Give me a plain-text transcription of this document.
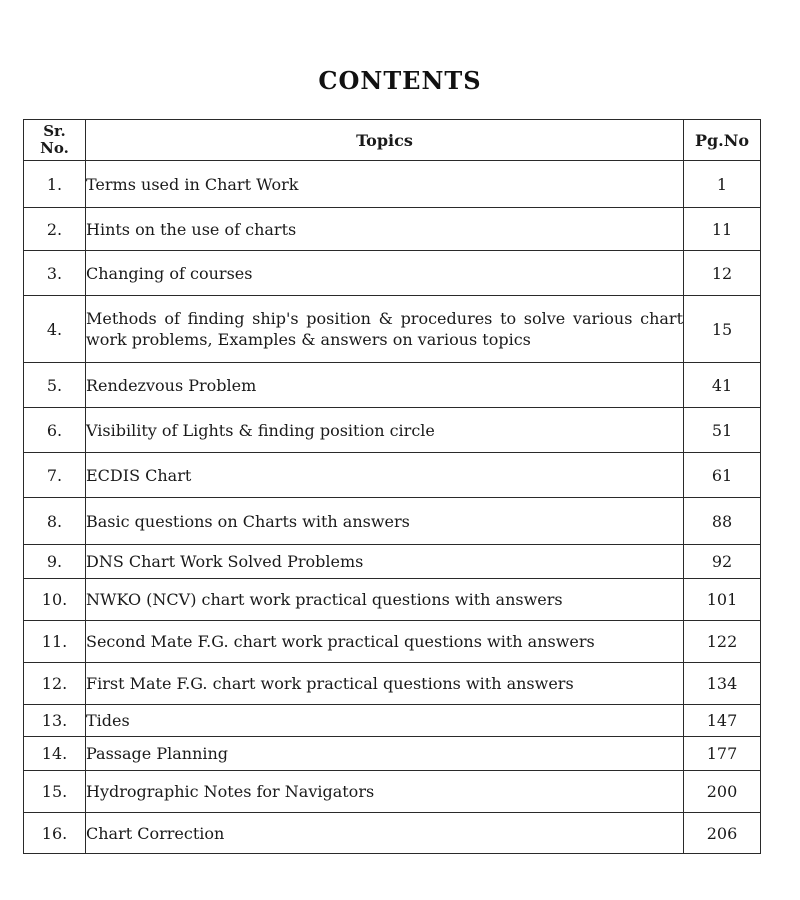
CONTENTS
Sr.
No.	Topics	Pg.No
1.	Terms used in Chart Work	1
2.	Hints on the use of charts	11
3.	Changing of courses	12
4.	Methods of finding ship's position & procedures to solve various chart work problems, Examples & answers on various topics	15
5.	Rendezvous Problem	41
6.	Visibility of Lights & finding position circle	51
7.	ECDIS Chart	61
8.	Basic questions on Charts with answers	88
9.	DNS Chart Work Solved Problems	92
10.	NWKO (NCV) chart work practical questions with answers	101
11.	Second Mate F.G. chart work practical questions with answers	122
12.	First Mate F.G. chart work practical questions with answers	134
13.	Tides	147
14.	Passage Planning	177
15.	Hydrographic Notes for Navigators	200
16.	Chart Correction	206
